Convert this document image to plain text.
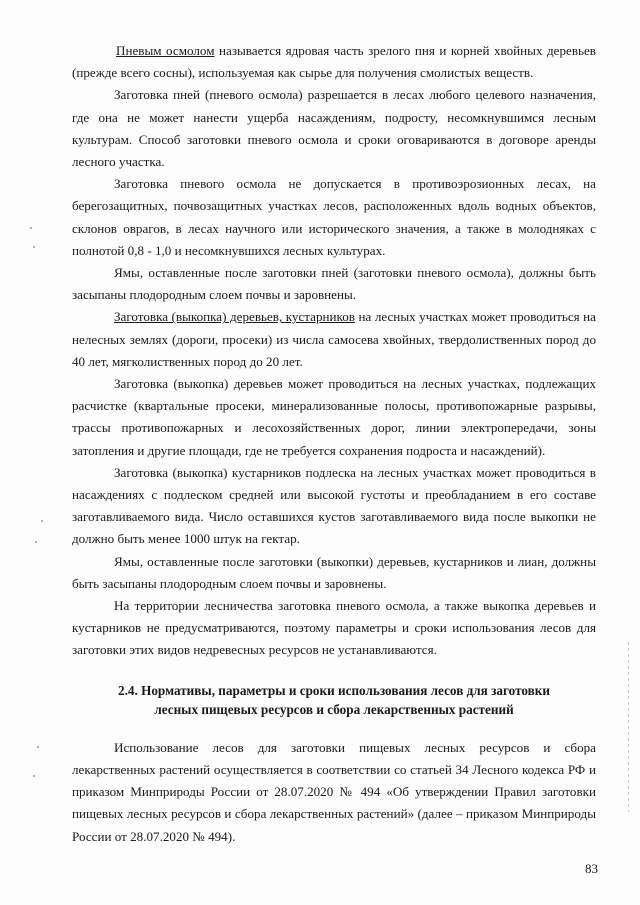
Пневым осмолом называется ядровая часть зрелого пня и корней хвойных деревьев (прежде всего сосны), используемая как сырье для получения смолистых веществ.

Заготовка пней (пневого осмола) разрешается в лесах любого целевого назначения, где она не может нанести ущерба насаждениям, подросту, несомкнувшимся лесным культурам. Способ заготовки пневого осмола и сроки оговариваются в договоре аренды лесного участка.

Заготовка пневого осмола не допускается в противоэрозионных лесах, на берегозащитных, почвозащитных участках лесов, расположенных вдоль водных объектов, склонов оврагов, в лесах научного или исторического значения, а также в молодняках с полнотой 0,8 - 1,0 и несомкнувшихся лесных культурах.

Ямы, оставленные после заготовки пней (заготовки пневого осмола), должны быть засыпаны плодородным слоем почвы и заровнены.

Заготовка (выкопка) деревьев, кустарников на лесных участках может проводиться на нелесных землях (дороги, просеки) из числа самосева хвойных, твердолиственных пород до 40 лет, мягколиственных пород до 20 лет.

Заготовка (выкопка) деревьев может проводиться на лесных участках, подлежащих расчистке (квартальные просеки, минерализованные полосы, противопожарные разрывы, трассы противопожарных и лесохозяйственных дорог, линии электропередачи, зоны затопления и другие площади, где не требуется сохранения подроста и насаждений).

Заготовка (выкопка) кустарников подлеска на лесных участках может проводиться в насаждениях с подлеском средней или высокой густоты и преобладанием в его составе заготавливаемого вида. Число оставшихся кустов заготавливаемого вида после выкопки не должно быть менее 1000 штук на гектар.

Ямы, оставленные после заготовки (выкопки) деревьев, кустарников и лиан, должны быть засыпаны плодородным слоем почвы и заровнены.

На территории лесничества заготовка пневого осмола, а также выкопка деревьев и кустарников не предусматриваются, поэтому параметры и сроки использования лесов для заготовки этих видов недревесных ресурсов не устанавливаются.

2.4. Нормативы, параметры и сроки использования лесов для заготовки лесных пищевых ресурсов и сбора лекарственных растений

Использование лесов для заготовки пищевых лесных ресурсов и сбора лекарственных растений осуществляется в соответствии со статьей 34 Лесного кодекса РФ и приказом Минприроды России от 28.07.2020 № 494 «Об утверждении Правил заготовки пищевых лесных ресурсов и сбора лекарственных растений» (далее – приказом Минприроды России от 28.07.2020 № 494).

83
